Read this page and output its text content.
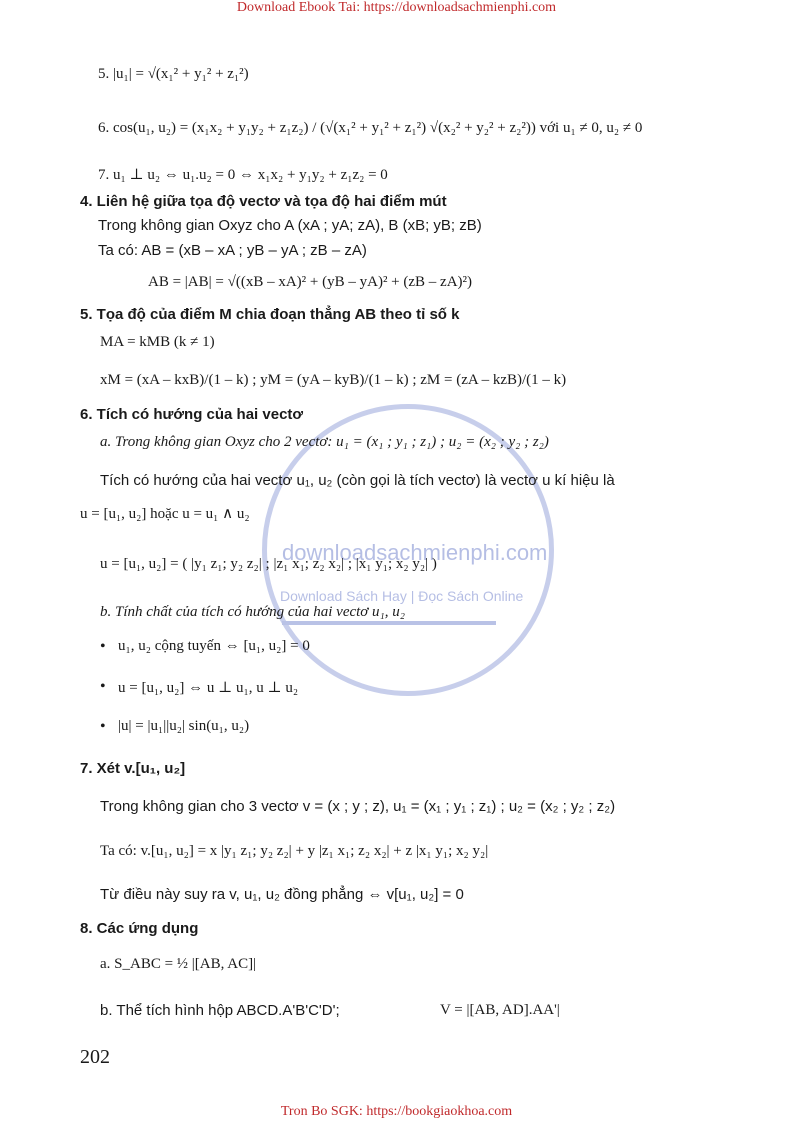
Download Ebook Tai: https://downloadsachmienphi.com
downloadsachmienphi.com
Download Sách Hay | Đọc Sách Online
5. |u₁| = √(x₁² + y₁² + z₁²)
6. cos(u₁, u₂) = (x₁x₂ + y₁y₂ + z₁z₂) / (√(x₁² + y₁² + z₁²) √(x₂² + y₂² + z₂²)) với u₁ ≠ 0, u₂ ≠ 0
7. u₁ ⊥ u₂ ⇔ u₁.u₂ = 0 ⇔ x₁x₂ + y₁y₂ + z₁z₂ = 0
4. Liên hệ giữa tọa độ vectơ và tọa độ hai điểm mút
Trong không gian Oxyz cho A (xA ; yA; zA), B (xB; yB; zB)
Ta có: AB = (xB – xA ; yB – yA ; zB – zA)
AB = |AB| = √((xB – xA)² + (yB – yA)² + (zB – zA)²)
5. Tọa độ của điểm M chia đoạn thẳng AB theo tỉ số k
MA = kMB (k ≠ 1)
xM = (xA – kxB)/(1 – k) ; yM = (yA – kyB)/(1 – k) ; zM = (zA – kzB)/(1 – k)
6. Tích có hướng của hai vectơ
a. Trong không gian Oxyz cho 2 vectơ: u₁ = (x₁ ; y₁ ; z₁) ; u₂ = (x₂ ; y₂ ; z₂)
Tích có hướng của hai vectơ u₁, u₂ (còn gọi là tích vectơ) là vectơ u kí hiệu là
u = [u₁, u₂] hoặc u = u₁ ∧ u₂
u = [u₁, u₂] = ( |y₁ z₁; y₂ z₂| ; |z₁ x₁; z₂ x₂| ; |x₁ y₁; x₂ y₂| )
b. Tính chất của tích có hướng của hai vectơ u₁, u₂
• u₁, u₂ cộng tuyến ⇔ [u₁, u₂] = 0
• u = [u₁, u₂] ⇔ u ⊥ u₁, u ⊥ u₂
• |u| = |u₁||u₂| sin(u₁, u₂)
7. Xét v.[u₁, u₂]
Trong không gian cho 3 vectơ v = (x ; y ; z), u₁ = (x₁ ; y₁ ; z₁) ; u₂ = (x₂ ; y₂ ; z₂)
Ta có: v.[u₁, u₂] = x |y₁ z₁; y₂ z₂| + y |z₁ x₁; z₂ x₂| + z |x₁ y₁; x₂ y₂|
Từ điều này suy ra v, u₁, u₂ đồng phẳng ⇔ v[u₁, u₂] = 0
8. Các ứng dụng
a. S_ABC = ½ |[AB, AC]|
b. Thể tích hình hộp ABCD.A'B'C'D';	V = |[AB, AD].AA'|
202
Tron Bo SGK: https://bookgiaokhoa.com
